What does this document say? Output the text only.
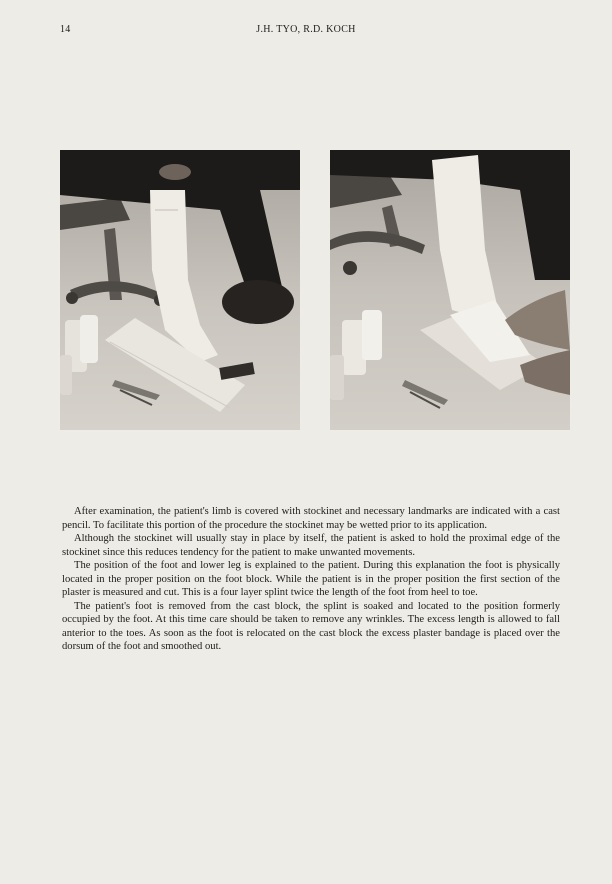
14	J.H. TYO, R.D. KOCH

After examination, the patient's limb is covered with stockinet and necessary landmarks are indicated with a cast pencil. To facilitate this portion of the procedure the stockinet may be wetted prior to its application.

Although the stockinet will usually stay in place by itself, the patient is asked to hold the proximal edge of the stockinet since this reduces tendency for the patient to make unwanted movements.

The position of the foot and lower leg is explained to the patient. During this explanation the foot is physically located in the proper position on the foot block. While the patient is in the proper position the first section of the plaster is measured and cut. This is a four layer splint twice the length of the foot from heel to toe.

The patient's foot is removed from the cast block, the splint is soaked and located to the position formerly occupied by the foot. At this time care should be taken to remove any wrinkles. The excess length is allowed to fall anterior to the toes. As soon as the foot is relocated on the cast block the excess plaster bandage is placed over the dorsum of the foot and smoothed out.
